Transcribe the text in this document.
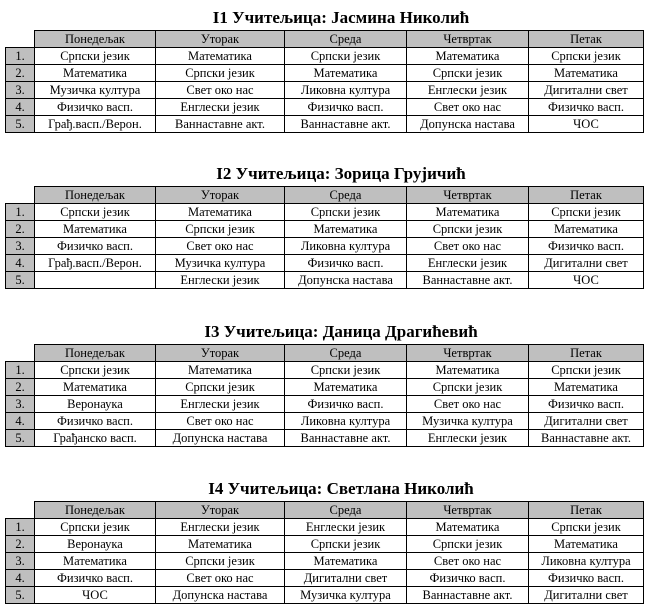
I1 Учитељица: Јасмина Николић
	Понедељак	Уторак	Среда	Четвртак	Петак
1.	Српски језик	Математика	Српски језик	Математика	Српски језик
2.	Математика	Српски језик	Математика	Српски језик	Математика
3.	Музичка култура	Свет око нас	Ликовна култура	Енглески језик	Дигитални свет
4.	Физичко васп.	Енглески језик	Физичко васп.	Свет око нас	Физичко васп.
5.	Грађ.васп./Верон.	Ваннаставне акт.	Ваннаставне акт.	Допунска настава	ЧОС
I2 Учитељица: Зорица Грујичић
	Понедељак	Уторак	Среда	Четвртак	Петак
1.	Српски језик	Математика	Српски језик	Математика	Српски језик
2.	Математика	Српски језик	Математика	Српски језик	Математика
3.	Физичко васп.	Свет око нас	Ликовна култура	Свет око нас	Физичко васп.
4.	Грађ.васп./Верон.	Музичка култура	Физичко васп.	Енглески језик	Дигитални свет
5.		Енглески језик	Допунска настава	Ваннаставне акт.	ЧОС
I3 Учитељица: Даница Драгићевић
	Понедељак	Уторак	Среда	Четвртак	Петак
1.	Српски језик	Математика	Српски језик	Математика	Српски језик
2.	Математика	Српски језик	Математика	Српски језик	Математика
3.	Веронаука	Енглески језик	Физичко васп.	Свет око нас	Физичко васп.
4.	Физичко васп.	Свет око нас	Ликовна култура	Музичка култура	Дигитални свет
5.	Грађанско васп.	Допунска настава	Ваннаставне акт.	Енглески језик	Ваннаставне акт.
I4 Учитељица: Светлана Николић
	Понедељак	Уторак	Среда	Четвртак	Петак
1.	Српски језик	Енглески језик	Енглески језик	Математика	Српски језик
2.	Веронаука	Математика	Српски језик	Српски језик	Математика
3.	Математика	Српски језик	Математика	Свет око нас	Ликовна култура
4.	Физичко васп.	Свет око нас	Дигитални свет	Физичко васп.	Физичко васп.
5.	ЧОС	Допунска настава	Музичка култура	Ваннаставне акт.	Дигитални свет
